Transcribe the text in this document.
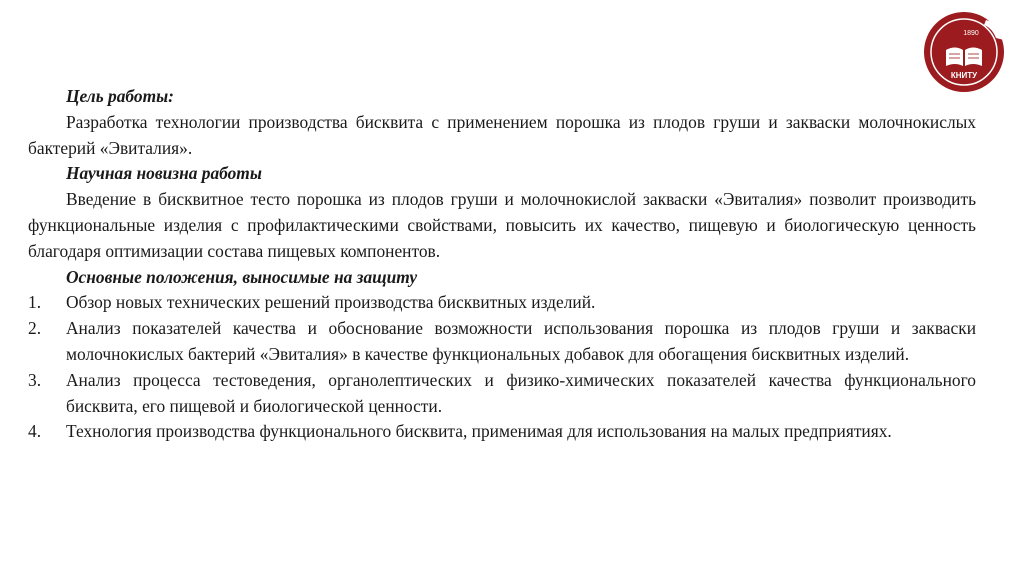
1890
КНИТУ

Цель работы:

Разработка технологии производства бисквита с применением порошка из плодов груши и закваски молочнокислых бактерий «Эвиталия».

Научная новизна работы

Введение в бисквитное тесто порошка из плодов груши и молочнокислой закваски «Эвиталия» позволит производить функциональные изделия с профилактическими свойствами, повысить их качество, пищевую и биологическую ценность благодаря оптимизации состава пищевых компонентов.

Основные положения, выносимые на защиту

1.	Обзор новых технических решений производства бисквитных изделий.
2.	Анализ показателей качества и обоснование возможности использования порошка из плодов груши и закваски молочнокислых бактерий «Эвиталия» в качестве функциональных добавок для обогащения бисквитных изделий.
3.	Анализ процесса тестоведения, органолептических и физико-химических показателей качества функционального бисквита, его пищевой и биологической ценности.
4.	Технология производства функционального бисквита, применимая для использования на малых предприятиях.
